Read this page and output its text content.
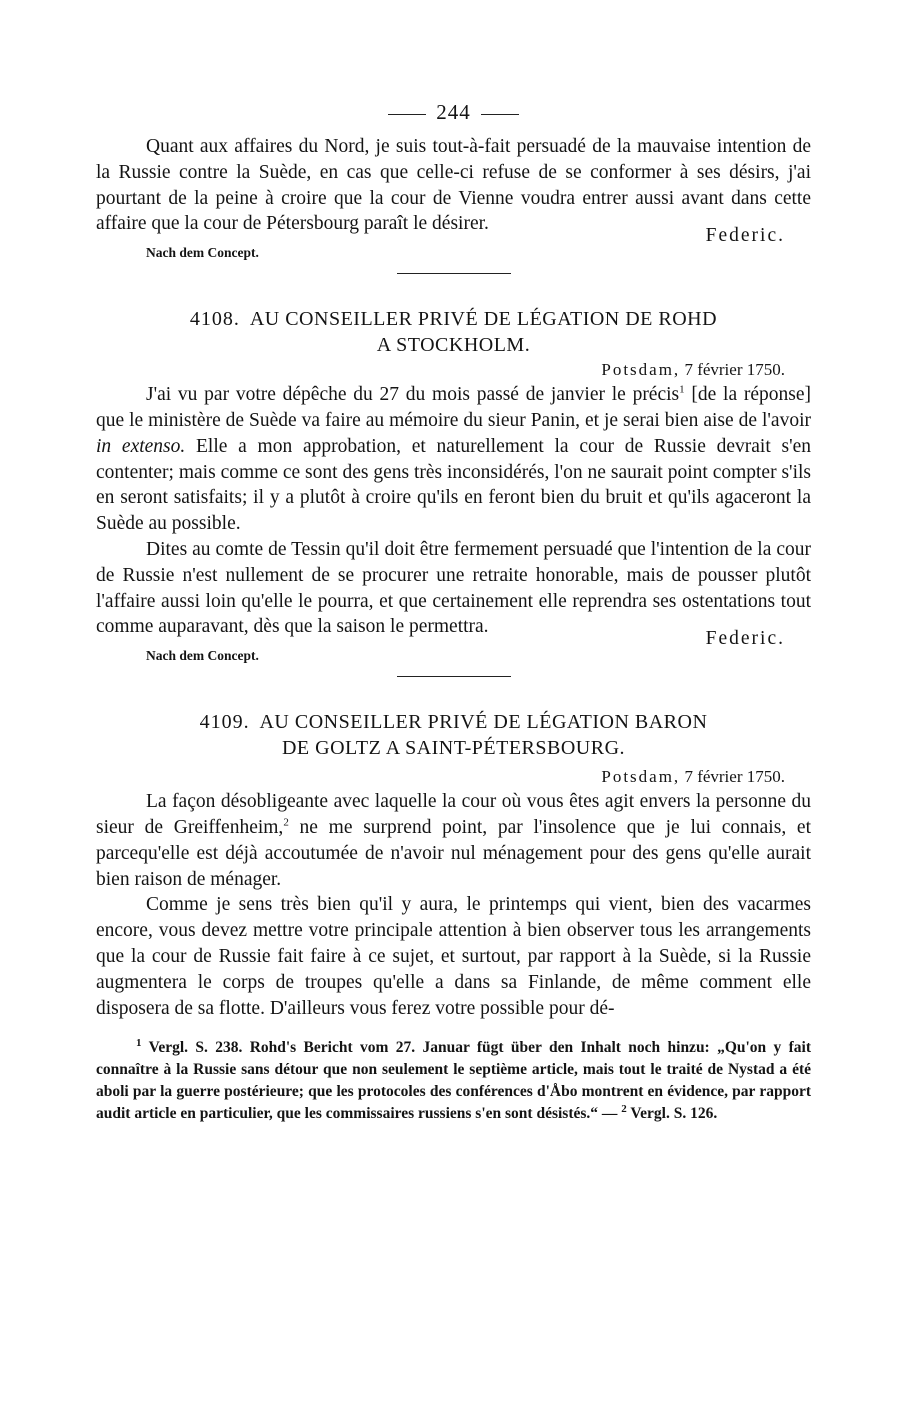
244

Quant aux affaires du Nord, je suis tout-à-fait persuadé de la mauvaise intention de la Russie contre la Suède, en cas que celle-ci refuse de se conformer à ses désirs, j'ai pourtant de la peine à croire que la cour de Vienne voudra entrer aussi avant dans cette affaire que la cour de Pétersbourg paraît le désirer.

Federic.
Nach dem Concept.
4108. AU CONSEILLER PRIVÉ DE LÉGATION DE ROHD
A STOCKHOLM.
Potsdam, 7 février 1750.

J'ai vu par votre dépêche du 27 du mois passé de janvier le précis$^1$ [de la réponse] que le ministère de Suède va faire au mémoire du sieur Panin, et je serai bien aise de l'avoir in extenso. Elle a mon approbation, et naturellement la cour de Russie devrait s'en contenter; mais comme ce sont des gens très inconsidérés, l'on ne saurait point compter s'ils en seront satisfaits; il y a plutôt à croire qu'ils en feront bien du bruit et qu'ils agaceront la Suède au possible.

Dites au comte de Tessin qu'il doit être fermement persuadé que l'intention de la cour de Russie n'est nullement de se procurer une retraite honorable, mais de pousser plutôt l'affaire aussi loin qu'elle le pourra, et que certainement elle reprendra ses ostentations tout comme auparavant, dès que la saison le permettra.

Federic.
Nach dem Concept.
4109. AU CONSEILLER PRIVÉ DE LÉGATION BARON
DE GOLTZ A SAINT-PÉTERSBOURG.
Potsdam, 7 février 1750.

La façon désobligeante avec laquelle la cour où vous êtes agit envers la personne du sieur de Greiffenheim,$^2$ ne me surprend point, par l'insolence que je lui connais, et parcequ'elle est déjà accoutumée de n'avoir nul ménagement pour des gens qu'elle aurait bien raison de ménager.

Comme je sens très bien qu'il y aura, le printemps qui vient, bien des vacarmes encore, vous devez mettre votre principale attention à bien observer tous les arrangements que la cour de Russie fait faire à ce sujet, et surtout, par rapport à la Suède, si la Russie augmentera le corps de troupes qu'elle a dans sa Finlande, de même comment elle disposera de sa flotte. D'ailleurs vous ferez votre possible pour dé-

$^1$ Vergl. S. 238. Rohd's Bericht vom 27. Januar fügt über den Inhalt noch hinzu: „Qu'on y fait connaître à la Russie sans détour que non seulement le septième article, mais tout le traité de Nystad a été aboli par la guerre postérieure; que les protocoles des conférences d'Åbo montrent en évidence, par rapport audit article en particulier, que les commissaires russiens s'en sont désistés.“ — $^2$ Vergl. S. 126.
